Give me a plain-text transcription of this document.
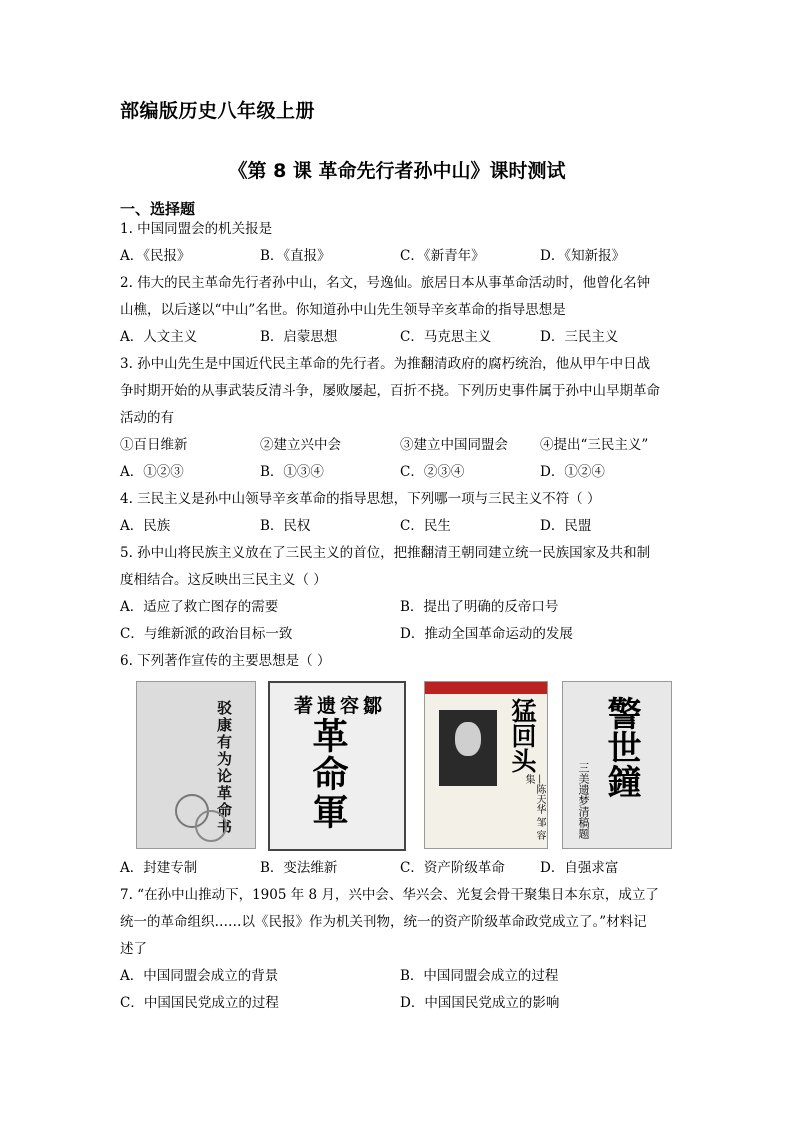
部编版历史八年级上册
《第 8 课 革命先行者孙中山》课时测试
一、选择题
1. 中国同盟会的机关报是
A．《民报》	B．《直报》	C．《新青年》	D．《知新报》
2. 伟大的民主革命先行者孙中山，名文，号逸仙。旅居日本从事革命活动时，他曾化名钟
山樵，以后遂以“中山”名世。你知道孙中山先生领导辛亥革命的指导思想是
A．人文主义	B．启蒙思想	C．马克思主义	D．三民主义
3. 孙中山先生是中国近代民主革命的先行者。为推翻清政府的腐朽统治，他从甲午中日战
争时期开始的从事武装反清斗争，屡败屡起，百折不挠。下列历史事件属于孙中山早期革命
活动的有
①百日维新	②建立兴中会	③建立中国同盟会	④提出“三民主义”
A．①②③	B．①③④	C．②③④	D．①②④
4. 三民主义是孙中山领导辛亥革命的指导思想，下列哪一项与三民主义不符（ ）
A．民族	B．民权	C．民生	D．民盟
5. 孙中山将民族主义放在了三民主义的首位，把推翻清王朝同建立统一民族国家及共和制
度相结合。这反映出三民主义（ ）
A．适应了救亡图存的需要	B．提出了明确的反帝口号
C．与维新派的政治目标一致	D．推动全国革命运动的发展
6. 下列著作宣传的主要思想是（ ）
驳康有为论革命书	著遗容鄒
革命軍	猛回头
—陈天华 邹 容集	警世鐘
三美遗梦清稿题
A．封建专制	B．变法维新	C．资产阶级革命	D．自强求富
7. “在孙中山推动下，1905 年 8 月，兴中会、华兴会、光复会骨干聚集日本东京，成立了
统一的革命组织……以《民报》作为机关刊物，统一的资产阶级革命政党成立了。”材料记
述了
A．中国同盟会成立的背景	B．中国同盟会成立的过程
C．中国国民党成立的过程	D．中国国民党成立的影响
